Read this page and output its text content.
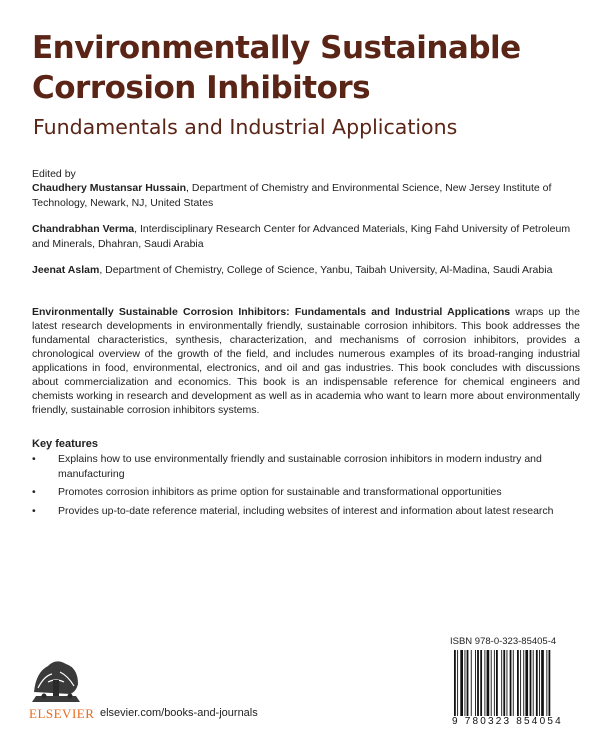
Environmentally Sustainable
Corrosion Inhibitors
Fundamentals and Industrial Applications
Edited by
Chaudhery Mustansar Hussain, Department of Chemistry and Environmental Science, New Jersey Institute of Technology, Newark, NJ, United States
Chandrabhan Verma, Interdisciplinary Research Center for Advanced Materials, King Fahd University of Petroleum and Minerals, Dhahran, Saudi Arabia
Jeenat Aslam, Department of Chemistry, College of Science, Yanbu, Taibah University, Al-Madina, Saudi Arabia

Environmentally Sustainable Corrosion Inhibitors: Fundamentals and Industrial Applications wraps up the latest research developments in environmentally friendly, sustainable corrosion inhibitors. This book addresses the fundamental characteristics, synthesis, characterization, and mechanisms of corrosion inhibitors, provides a chronological overview of the growth of the field, and includes numerous examples of its broad-ranging industrial applications in food, environmental, electronics, and oil and gas industries. This book concludes with discussions about commercialization and economics. This book is an indispensable reference for chemical engineers and chemists working in research and development as well as in academia who want to learn more about environmentally friendly, sustainable corrosion inhibitors systems.

Key features
• Explains how to use environmentally friendly and sustainable corrosion inhibitors in modern industry and manufacturing
• Promotes corrosion inhibitors as prime option for sustainable and transformational opportunities
• Provides up-to-date reference material, including websites of interest and information about latest research
ELSEVIER elsevier.com/books-and-journals
ISBN 978-0-323-85405-4
9 780323 854054
